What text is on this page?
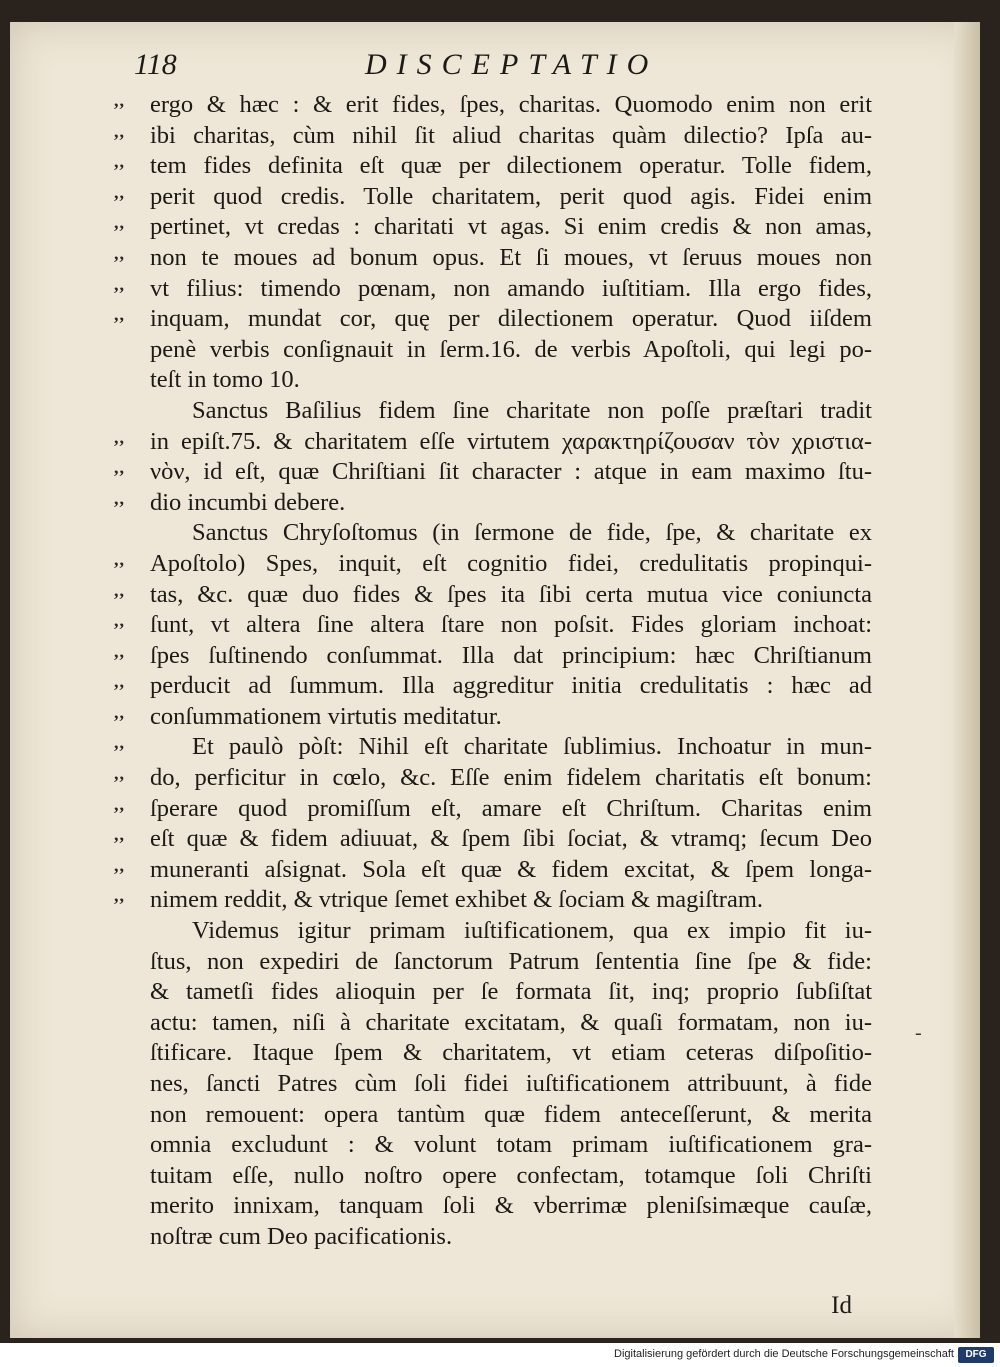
118	DISCEPTATIO
,, ergo & hæc : & erit fides, ſpes, charitas. Quomodo enim non erit
,, ibi charitas, cùm nihil ſit aliud charitas quàm dilectio? Ipſa au-
,, tem fides definita eſt quæ per dilectionem operatur. Tolle fidem,
,, perit quod credis. Tolle charitatem, perit quod agis. Fidei enim
,, pertinet, vt credas : charitati vt agas. Si enim credis & non amas,
,, non te moues ad bonum opus. Et ſi moues, vt ſeruus moues non
,, vt filius: timendo pœnam, non amando iuſtitiam. Illa ergo fides,
,, inquam, mundat cor, quę per dilectionem operatur. Quod iiſdem
penè verbis conſignauit in ſerm.16. de verbis Apoſtoli, qui legi po-
teſt in tomo 10.
Sanctus Baſilius fidem ſine charitate non poſſe præſtari tradit
,, in epiſt.75. & charitatem eſſe virtutem χαρακτηρίζουσαν τὸν χριστια-
,, νὸν, id eſt, quæ Chriſtiani ſit character : atque in eam maximo ſtu-
,, dio incumbi debere.
Sanctus Chryſoſtomus (in ſermone de fide, ſpe, & charitate ex
,, Apoſtolo) Spes, inquit, eſt cognitio fidei, credulitatis propinqui-
,, tas, &c. quæ duo fides & ſpes ita ſibi certa mutua vice coniuncta
,, ſunt, vt altera ſine altera ſtare non poſsit. Fides gloriam inchoat:
,, ſpes ſuſtinendo conſummat. Illa dat principium: hæc Chriſtianum
,, perducit ad ſummum. Illa aggreditur initia credulitatis : hæc ad
,, conſummationem virtutis meditatur.
,,	Et paulò pòſt: Nihil eſt charitate ſublimius. Inchoatur in mun-
,, do, perficitur in cœlo, &c. Eſſe enim fidelem charitatis eſt bonum:
,, ſperare quod promiſſum eſt, amare eſt Chriſtum. Charitas enim
,, eſt quæ & fidem adiuuat, & ſpem ſibi ſociat, & vtramq; ſecum Deo
,, muneranti aſsignat. Sola eſt quæ & fidem excitat, & ſpem longa-
,, nimem reddit, & vtrique ſemet exhibet & ſociam & magiſtram.
Videmus igitur primam iuſtificationem, qua ex impio fit iu-
ſtus, non expediri de ſanctorum Patrum ſententia ſine ſpe & fide:
& tametſi fides alioquin per ſe formata ſit, inq; proprio ſubſiſtat
actu: tamen, niſi à charitate excitatam, & quaſi formatam, non iu-
ſtificare. Itaque ſpem & charitatem, vt etiam ceteras diſpoſitio-
nes, ſancti Patres cùm ſoli fidei iuſtificationem attribuunt, à fide
non remouent: opera tantùm quæ fidem anteceſſerunt, & merita
omnia excludunt : & volunt totam primam iuſtificationem gra-
tuitam eſſe, nullo noſtro opere confectam, totamque ſoli Chriſti
merito innixam, tanquam ſoli & vberrimæ pleniſsimæque cauſæ,
noſtræ cum Deo pacificationis.
-
Id
Digitalisierung gefördert durch die Deutsche Forschungsgemeinschaft	DFG
